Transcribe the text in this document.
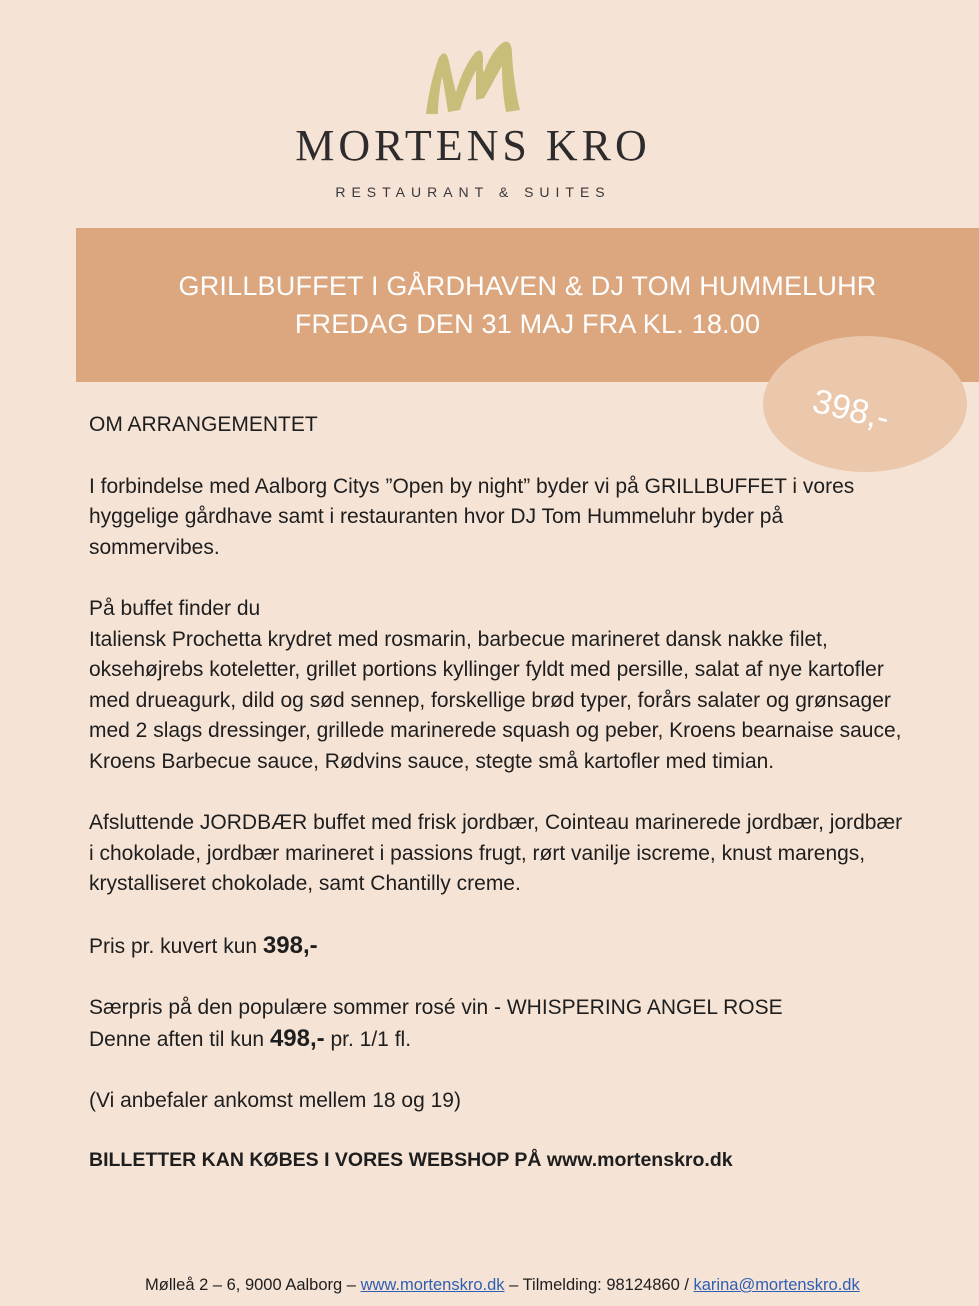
MORTENS KRO
RESTAURANT & SUITES
GRILLBUFFET I GÅRDHAVEN & DJ TOM HUMMELUHR
FREDAG DEN 31 MAJ FRA KL. 18.00
398,-

OM ARRANGEMENTET

I forbindelse med Aalborg Citys ”Open by night” byder vi på GRILLBUFFET i vores hyggelige gårdhave samt i restauranten hvor DJ Tom Hummeluhr byder på sommervibes.

På buffet finder du

Italiensk Prochetta krydret med rosmarin, barbecue marineret dansk nakke filet, oksehøjrebs koteletter, grillet portions kyllinger fyldt med persille, salat af nye kartofler med drueagurk, dild og sød sennep, forskellige brød typer, forårs salater og grønsager med 2 slags dressinger, grillede marinerede squash og peber, Kroens bearnaise sauce, Kroens Barbecue sauce, Rødvins sauce, stegte små kartofler med timian.

Afsluttende JORDBÆR buffet med frisk jordbær, Cointeau marinerede jordbær, jordbær i chokolade, jordbær marineret i passions frugt, rørt vanilje iscreme, knust marengs, krystalliseret chokolade, samt Chantilly creme.

Pris pr. kuvert kun 398,-

Særpris på den populære sommer rosé vin - WHISPERING ANGEL ROSE

Denne aften til kun 498,- pr. 1/1 fl.

(Vi anbefaler ankomst mellem 18 og 19)

BILLETTER KAN KØBES I VORES WEBSHOP PÅ www.mortenskro.dk

Mølleå 2 – 6, 9000 Aalborg – www.mortenskro.dk – Tilmelding: 98124860 / karina@mortenskro.dk
